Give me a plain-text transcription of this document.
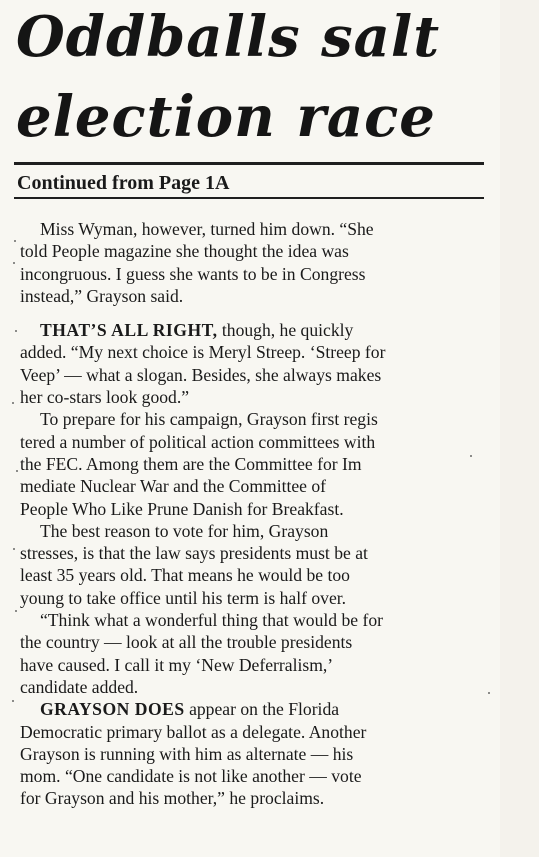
Oddballs salt
election race
Continued from Page 1A
Miss Wyman, however, turned him down. “She
told People magazine she thought the idea was
incongruous. I guess she wants to be in Congress
instead,” Grayson said.
THAT’S ALL RIGHT, though, he quickly
added. “My next choice is Meryl Streep. ‘Streep for
Veep’ — what a slogan. Besides, she always makes
her co-stars look good.”
To prepare for his campaign, Grayson first regis
tered a number of political action committees with
the FEC. Among them are the Committee for Im
mediate Nuclear War and the Committee of
People Who Like Prune Danish for Breakfast.
The best reason to vote for him, Grayson
stresses, is that the law says presidents must be at
least 35 years old. That means he would be too
young to take office until his term is half over.
“Think what a wonderful thing that would be for
the country — look at all the trouble presidents
have caused. I call it my ‘New Deferralism,’
candidate added.
GRAYSON DOES appear on the Florida
Democratic primary ballot as a delegate. Another
Grayson is running with him as alternate — his
mom. “One candidate is not like another — vote
for Grayson and his mother,” he proclaims.
